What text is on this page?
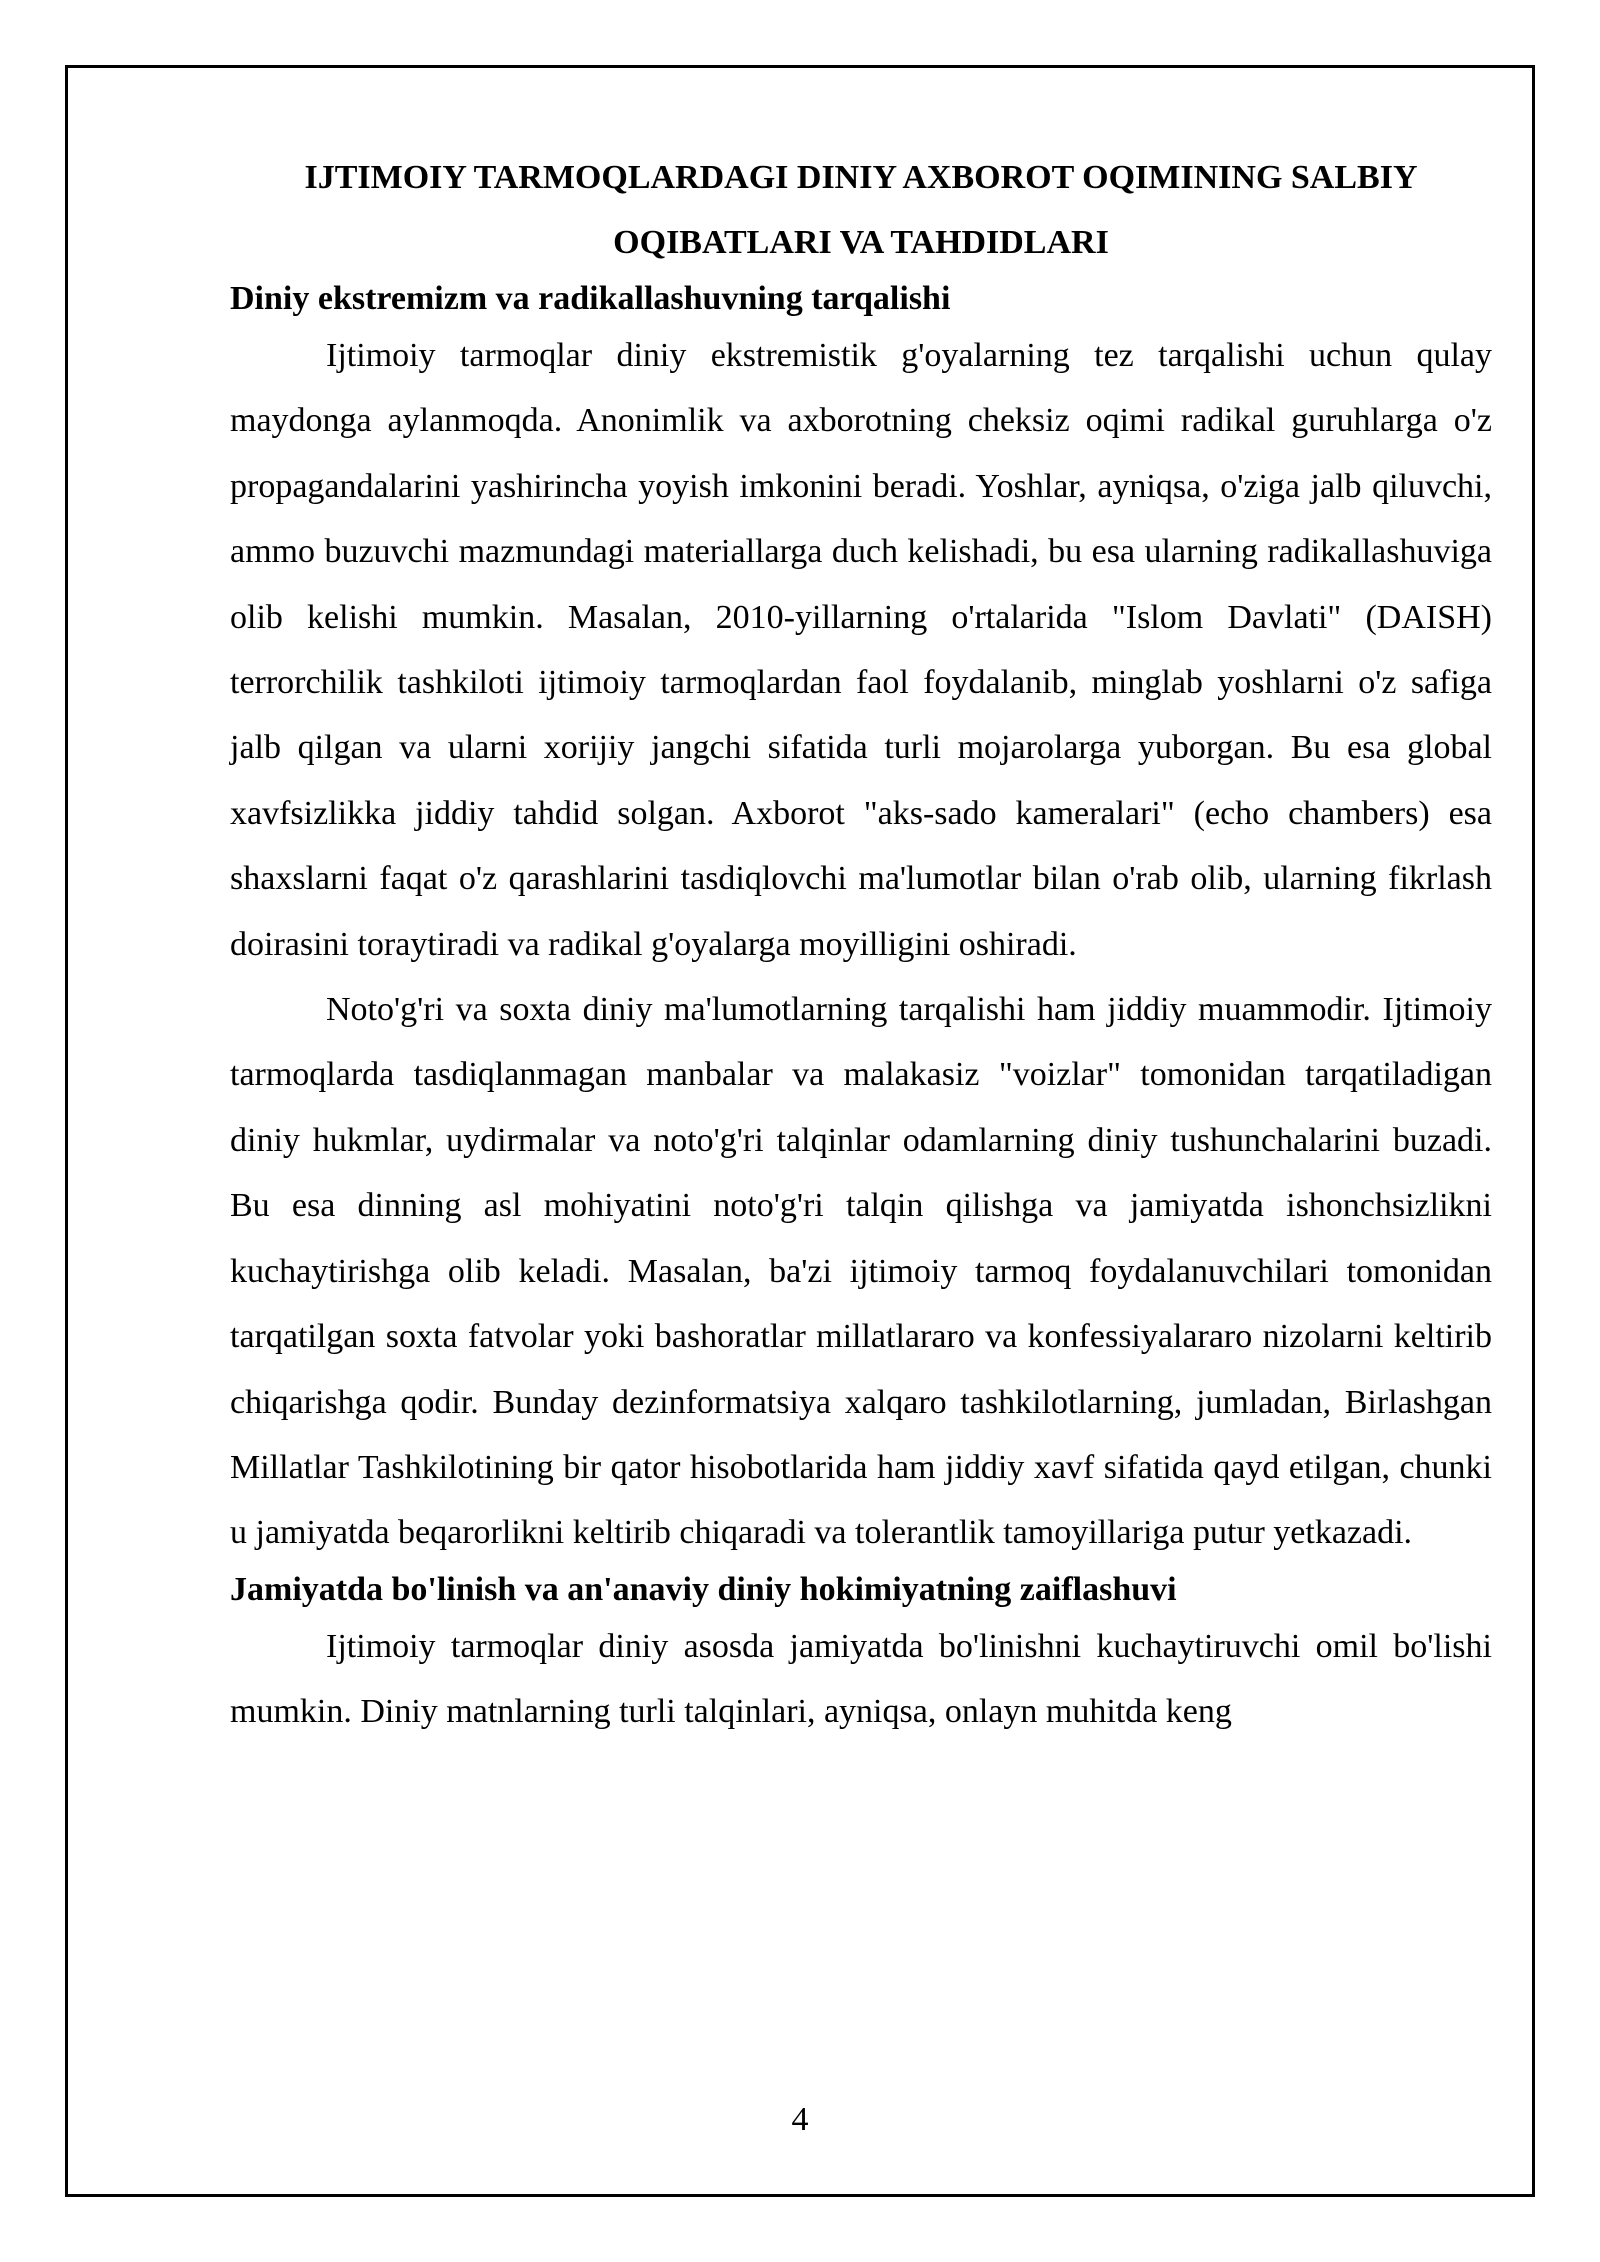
IJTIMOIY TARMOQLARDAGI DINIY AXBOROT OQIMINING SALBIY
OQIBATLARI VA TAHDIDLARI
Diniy ekstremizm va radikallashuvning tarqalishi

Ijtimoiy tarmoqlar diniy ekstremistik g'oyalarning tez tarqalishi uchun qulay maydonga aylanmoqda. Anonimlik va axborotning cheksiz oqimi radikal guruhlarga o'z propagandalarini yashirincha yoyish imkonini beradi. Yoshlar, ayniqsa, o'ziga jalb qiluvchi, ammo buzuvchi mazmundagi materiallarga duch kelishadi, bu esa ularning radikallashuviga olib kelishi mumkin. Masalan, 2010-yillarning o'rtalarida "Islom Davlati" (DAISH) terrorchilik tashkiloti ijtimoiy tarmoqlardan faol foydalanib, minglab yoshlarni o'z safiga jalb qilgan va ularni xorijiy jangchi sifatida turli mojarolarga yuborgan. Bu esa global xavfsizlikka jiddiy tahdid solgan. Axborot "aks-sado kameralari" (echo chambers) esa shaxslarni faqat o'z qarashlarini tasdiqlovchi ma'lumotlar bilan o'rab olib, ularning fikrlash doirasini toraytiradi va radikal g'oyalarga moyilligini oshiradi.

Noto'g'ri va soxta diniy ma'lumotlarning tarqalishi ham jiddiy muammodir. Ijtimoiy tarmoqlarda tasdiqlanmagan manbalar va malakasiz "voizlar" tomonidan tarqatiladigan diniy hukmlar, uydirmalar va noto'g'ri talqinlar odamlarning diniy tushunchalarini buzadi. Bu esa dinning asl mohiyatini noto'g'ri talqin qilishga va jamiyatda ishonchsizlikni kuchaytirishga olib keladi. Masalan, ba'zi ijtimoiy tarmoq foydalanuvchilari tomonidan tarqatilgan soxta fatvolar yoki bashoratlar millatlararo va konfessiyalararo nizolarni keltirib chiqarishga qodir. Bunday dezinformatsiya xalqaro tashkilotlarning, jumladan, Birlashgan Millatlar Tashkilotining bir qator hisobotlarida ham jiddiy xavf sifatida qayd etilgan, chunki u jamiyatda beqarorlikni keltirib chiqaradi va tolerantlik tamoyillariga putur yetkazadi.

Jamiyatda bo'linish va an'anaviy diniy hokimiyatning zaiflashuvi

Ijtimoiy tarmoqlar diniy asosda jamiyatda bo'linishni kuchaytiruvchi omil bo'lishi mumkin. Diniy matnlarning turli talqinlari, ayniqsa, onlayn muhitda keng

4
